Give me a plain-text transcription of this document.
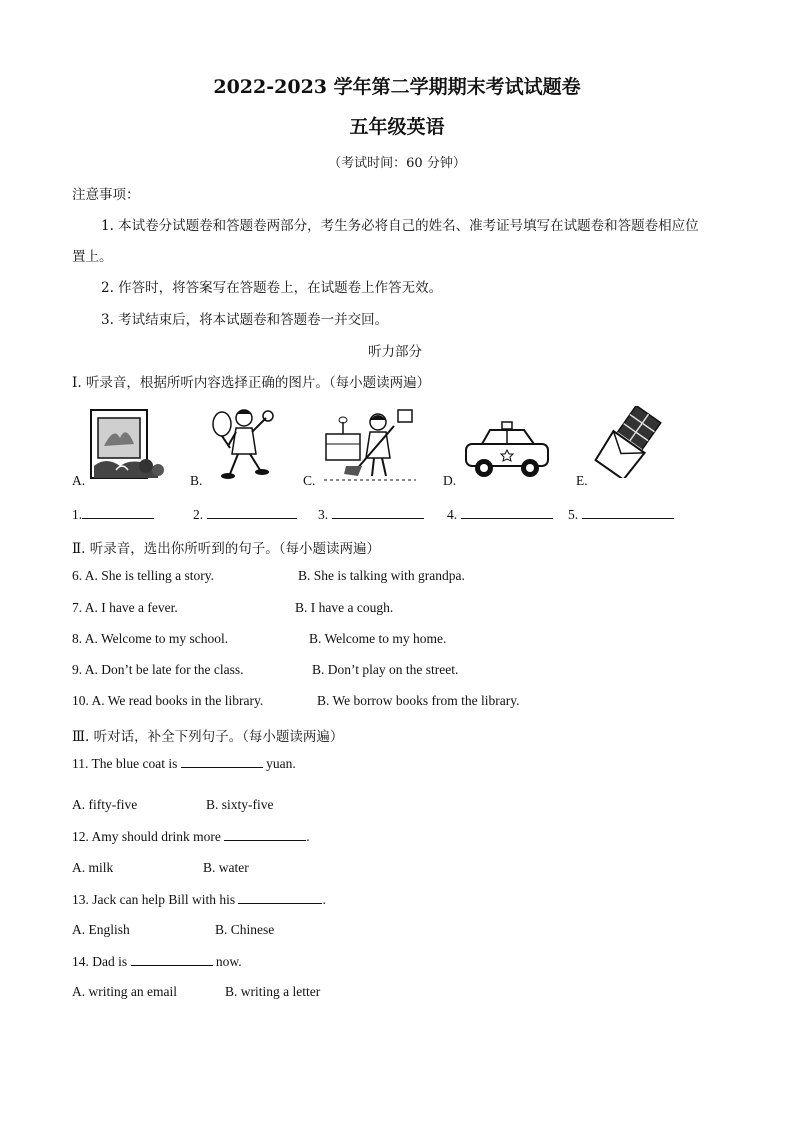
2022-2023 学年第二学期期末考试试题卷
五年级英语
（考试时间：60 分钟）
注意事项：
1. 本试卷分试题卷和答题卷两部分，考生务必将自己的姓名、准考证号填写在试题卷和答题卷相应位
置上。
2. 作答时，将答案写在答题卷上，在试题卷上作答无效。
3. 考试结束后，将本试题卷和答题卷一并交回。
听力部分
Ⅰ. 听录音，根据所听内容选择正确的图片。（每小题读两遍）
A.	B.	C.	D.	E.
1.	2.	3.	4.	5.
Ⅱ. 听录音，选出你所听到的句子。（每小题读两遍）
6. A. She is telling a story.	B. She is talking with grandpa.
7. A. I have a fever.	B. I have a cough.
8. A. Welcome to my school.	B. Welcome to my home.
9. A. Don’t be late for the class.	B. Don’t play on the street.
10. A. We read books in the library.	B. We borrow books from the library.
Ⅲ. 听对话，补全下列句子。（每小题读两遍）
11. The blue coat is	yuan.
A. fifty-five	B. sixty-five
12. Amy should drink more	.
A. milk	B. water
13. Jack can help Bill with his	.
A. English	B. Chinese
14. Dad is	now.
A. writing an email	B. writing a letter
